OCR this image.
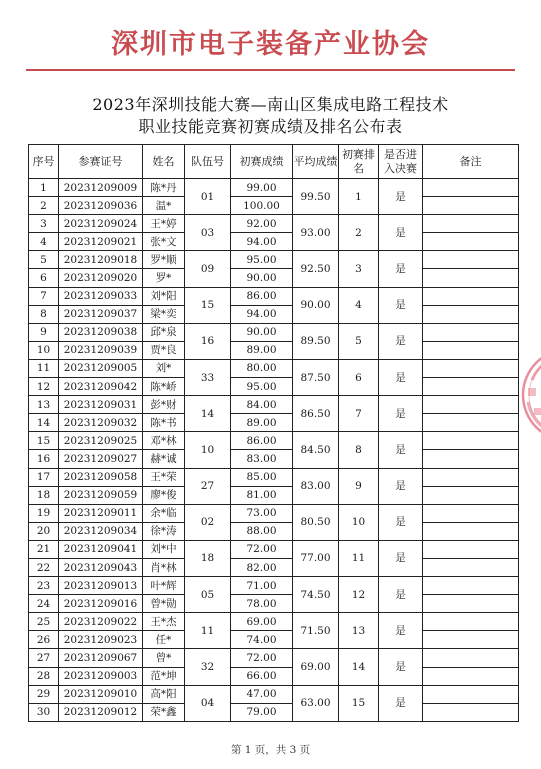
深圳市电子装备产业协会
2023年深圳技能大赛—南山区集成电路工程技术
职业技能竞赛初赛成绩及排名公布表
序号	参赛证号	姓名	队伍号	初赛成绩	平均成绩	初赛排名	是否进入决赛	备注
1	20231209009	陈*丹	01	99.00	99.50	1	是	
2	20231209036	温*		100.00				
3	20231209024	王*婷	03	92.00	93.00	2	是	
4	20231209021	张*文		94.00				
5	20231209018	罗*顺	09	95.00	92.50	3	是	
6	20231209020	罗*		90.00				
7	20231209033	刘*阳	15	86.00	90.00	4	是	
8	20231209037	梁*奕		94.00				
9	20231209038	邱*泉	16	90.00	89.50	5	是	
10	20231209039	贾*良		89.00				
11	20231209005	刘*	33	80.00	87.50	6	是	
12	20231209042	陈*峤		95.00				
13	20231209031	彭*财	14	84.00	86.50	7	是	
14	20231209032	陈*书		89.00				
15	20231209025	邓*林	10	86.00	84.50	8	是	
16	20231209027	赫*诚		83.00				
17	20231209058	王*荣	27	85.00	83.00	9	是	
18	20231209059	廖*俊		81.00				
19	20231209011	余*临	02	73.00	80.50	10	是	
20	20231209034	徐*涛		88.00				
21	20231209041	刘*中	18	72.00	77.00	11	是	
22	20231209043	肖*林		82.00				
23	20231209013	叶*辉	05	71.00	74.50	12	是	
24	20231209016	曾*勋		78.00				
25	20231209022	王*杰	11	69.00	71.50	13	是	
26	20231209023	任*		74.00				
27	20231209067	曾*	32	72.00	69.00	14	是	
28	20231209003	范*坤		66.00				
29	20231209010	高*阳	04	47.00	63.00	15	是	
30	20231209012	荣*鑫		79.00				
第 1 页，共 3 页
